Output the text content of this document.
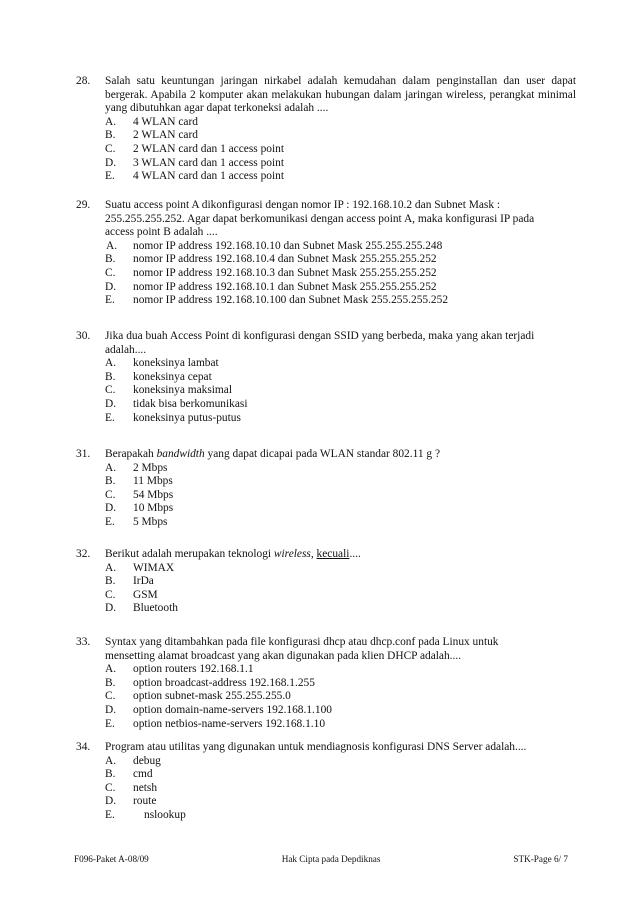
28.	Salah satu keuntungan jaringan nirkabel adalah kemudahan dalam penginstallan dan user dapat bergerak. Apabila 2 komputer akan melakukan hubungan dalam jaringan wireless, perangkat minimal yang dibutuhkan agar dapat terkoneksi adalah ....
A. 4 WLAN card
B. 2 WLAN card
C. 2 WLAN card dan 1 access point
D. 3 WLAN card dan 1 access point
E. 4 WLAN card dan 1 access point
29.	Suatu access point A dikonfigurasi dengan nomor IP : 192.168.10.2 dan Subnet Mask :
255.255.255.252. Agar dapat berkomunikasi dengan access point A, maka konfigurasi IP pada
access point B adalah ....
A. nomor IP address 192.168.10.10 dan Subnet Mask 255.255.255.248
B. nomor IP address 192.168.10.4 dan Subnet Mask 255.255.255.252
C. nomor IP address 192.168.10.3 dan Subnet Mask 255.255.255.252
D. nomor IP address 192.168.10.1 dan Subnet Mask 255.255.255.252
E. nomor IP address 192.168.10.100 dan Subnet Mask 255.255.255.252
30.	Jika dua buah Access Point di konfigurasi dengan SSID yang berbeda, maka yang akan terjadi
adalah....
A. koneksinya lambat
B. koneksinya cepat
C. koneksinya maksimal
D. tidak bisa berkomunikasi
E. koneksinya putus-putus
31.	Berapakah bandwidth yang dapat dicapai pada WLAN standar 802.11 g ?
A. 2 Mbps
B. 11 Mbps
C. 54 Mbps
D. 10 Mbps
E. 5 Mbps
32.	Berikut adalah merupakan teknologi wireless, kecuali....
A. WIMAX
B. IrDa
C. GSM
D. Bluetooth
33.	Syntax yang ditambahkan pada file konfigurasi dhcp atau dhcp.conf pada Linux untuk
mensetting alamat broadcast yang akan digunakan pada klien DHCP adalah....
A. option routers 192.168.1.1
B. option broadcast-address 192.168.1.255
C. option subnet-mask 255.255.255.0
D. option domain-name-servers 192.168.1.100
E. option netbios-name-servers 192.168.1.10
34.	Program atau utilitas yang digunakan untuk mendiagnosis konfigurasi DNS Server adalah....
A. debug
B. cmd
C. netsh
D. route
E.	nslookup
F096-Paket A-08/09	Hak Cipta pada Depdiknas	STK-Page 6/ 7
